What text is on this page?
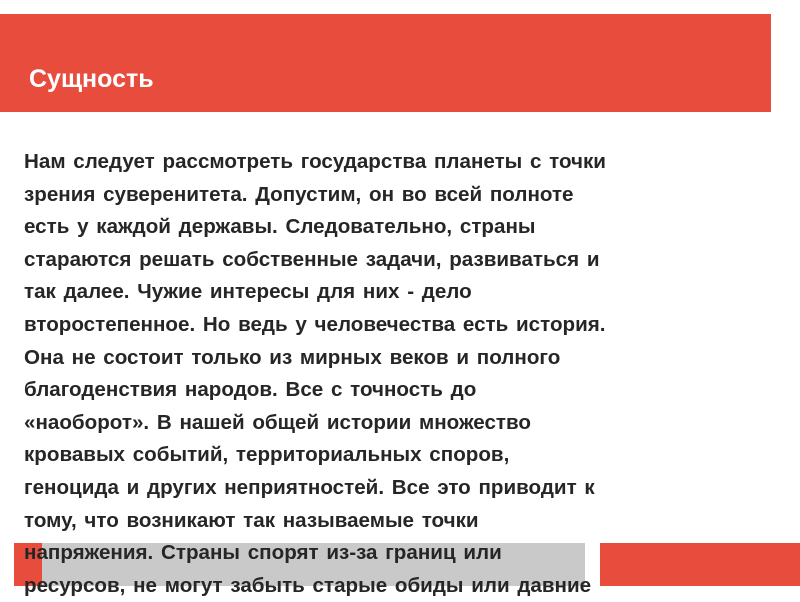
Сущность
Нам следует рассмотреть государства планеты с точки
зрения суверенитета. Допустим, он во всей полноте
есть у каждой державы. Следовательно, страны
стараются решать собственные задачи, развиваться и
так далее. Чужие интересы для них - дело
второстепенное. Но ведь у человечества есть история.
Она не состоит только из мирных веков и полного
благоденствия народов. Все с точность до
«наоборот». В нашей общей истории множество
кровавых событий, территориальных споров,
геноцида и других неприятностей. Все это приводит к
тому, что возникают так называемые точки
напряжения. Страны спорят из-за границ или
ресурсов, не могут забыть старые обиды или давние
